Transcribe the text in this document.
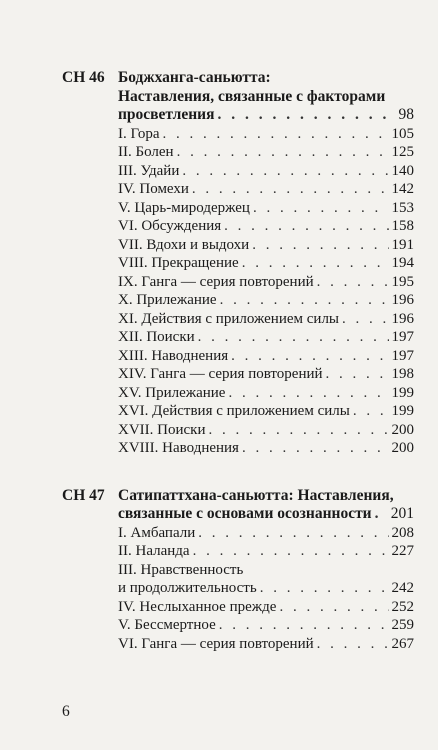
CH 46 Боджханга-саньютта:
Наставления, связанные с факторами
просветления . . .	98
I. Гора . . .	105
II. Болен . . .	125
III. Удайи . . .	140
IV. Помехи . . .	142
V. Царь-миродержец . . .	153
VI. Обсуждения . . .	158
VII. Вдохи и выдохи . . .	191
VIII. Прекращение . . .	194
IX. Ганга — серия повторений . . .	195
X. Прилежание . . .	196
XI. Действия с приложением силы . . .	196
XII. Поиски . . .	197
XIII. Наводнения . . .	197
XIV. Ганга — серия повторений . . .	198
XV. Прилежание . . .	199
XVI. Действия с приложением силы . . .	199
XVII. Поиски . . .	200
XVIII. Наводнения . . .	200
CH 47 Сатипаттхана-саньютта: Наставления,
связанные с основами осознанности . . . 201
I. Амбапали . . .	208
II. Наланда . . .	227
III. Нравственность
и продолжительность . . .	242
IV. Неслыханное прежде . . .	252
V. Бессмертное . . .	259
VI. Ганга — серия повторений . . .	267
6
